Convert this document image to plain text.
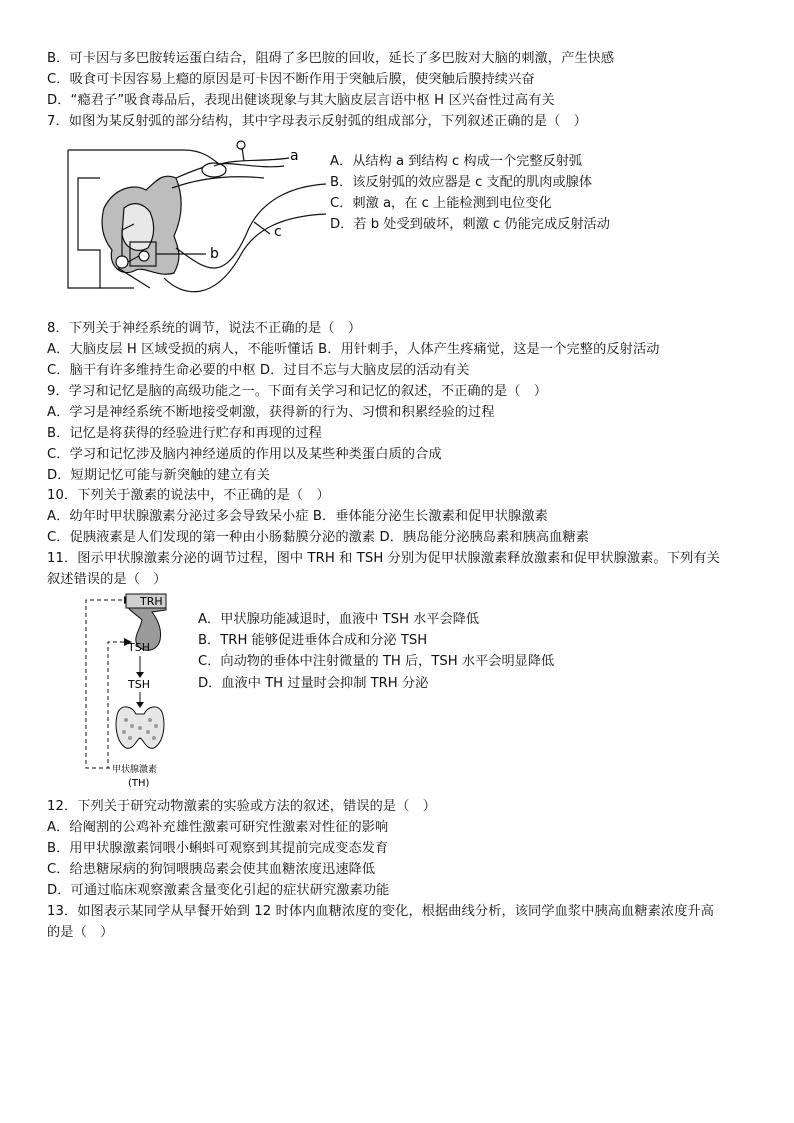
B．可卡因与多巴胺转运蛋白结合，阻碍了多巴胺的回收，延长了多巴胺对大脑的刺激，产生快感
C．吸食可卡因容易上瘾的原因是可卡因不断作用于突触后膜，使突触后膜持续兴奋
D．“瘾君子”吸食毒品后，表现出健谈现象与其大脑皮层言语中枢 H 区兴奋性过高有关
7．如图为某反射弧的部分结构，其中字母表示反射弧的组成部分，下列叙述正确的是（　）
a
b
c
A．从结构 a 到结构 c 构成一个完整反射弧
B．该反射弧的效应器是 c 支配的肌肉或腺体
C．刺激 a，在 c 上能检测到电位变化
D．若 b 处受到破坏，刺激 c 仍能完成反射活动
8．下列关于神经系统的调节，说法不正确的是（　）
A．大脑皮层 H 区域受损的病人，不能听懂话 B．用针刺手，人体产生疼痛觉，这是一个完整的反射活动
C．脑干有许多维持生命必要的中枢 D．过目不忘与大脑皮层的活动有关
9．学习和记忆是脑的高级功能之一。下面有关学习和记忆的叙述，不正确的是（　）
A．学习是神经系统不断地接受刺激，获得新的行为、习惯和积累经验的过程
B．记忆是将获得的经验进行贮存和再现的过程
C．学习和记忆涉及脑内神经递质的作用以及某些种类蛋白质的合成
D．短期记忆可能与新突触的建立有关
10．下列关于激素的说法中，不正确的是（　）
A．幼年时甲状腺激素分泌过多会导致呆小症 B．垂体能分泌生长激素和促甲状腺激素
C．促胰液素是人们发现的第一种由小肠黏膜分泌的激素 D．胰岛能分泌胰岛素和胰高血糖素
11．图示甲状腺激素分泌的调节过程，图中 TRH 和 TSH 分别为促甲状腺激素释放激素和促甲状腺激素。下列有关
叙述错误的是（　）
TRH
TSH
TSH
甲状腺激素
(TH)
A．甲状腺功能减退时，血液中 TSH 水平会降低
B．TRH 能够促进垂体合成和分泌 TSH
C．向动物的垂体中注射微量的 TH 后，TSH 水平会明显降低
D．血液中 TH 过量时会抑制 TRH 分泌
12．下列关于研究动物激素的实验或方法的叙述，错误的是（　）
A．给阉割的公鸡补充雄性激素可研究性激素对性征的影响
B．用甲状腺激素饲喂小蝌蚪可观察到其提前完成变态发育
C．给患糖尿病的狗饲喂胰岛素会使其血糖浓度迅速降低
D．可通过临床观察激素含量变化引起的症状研究激素功能
13．如图表示某同学从早餐开始到 12 时体内血糖浓度的变化，根据曲线分析，该同学血浆中胰高血糖素浓度升高
的是（　）
